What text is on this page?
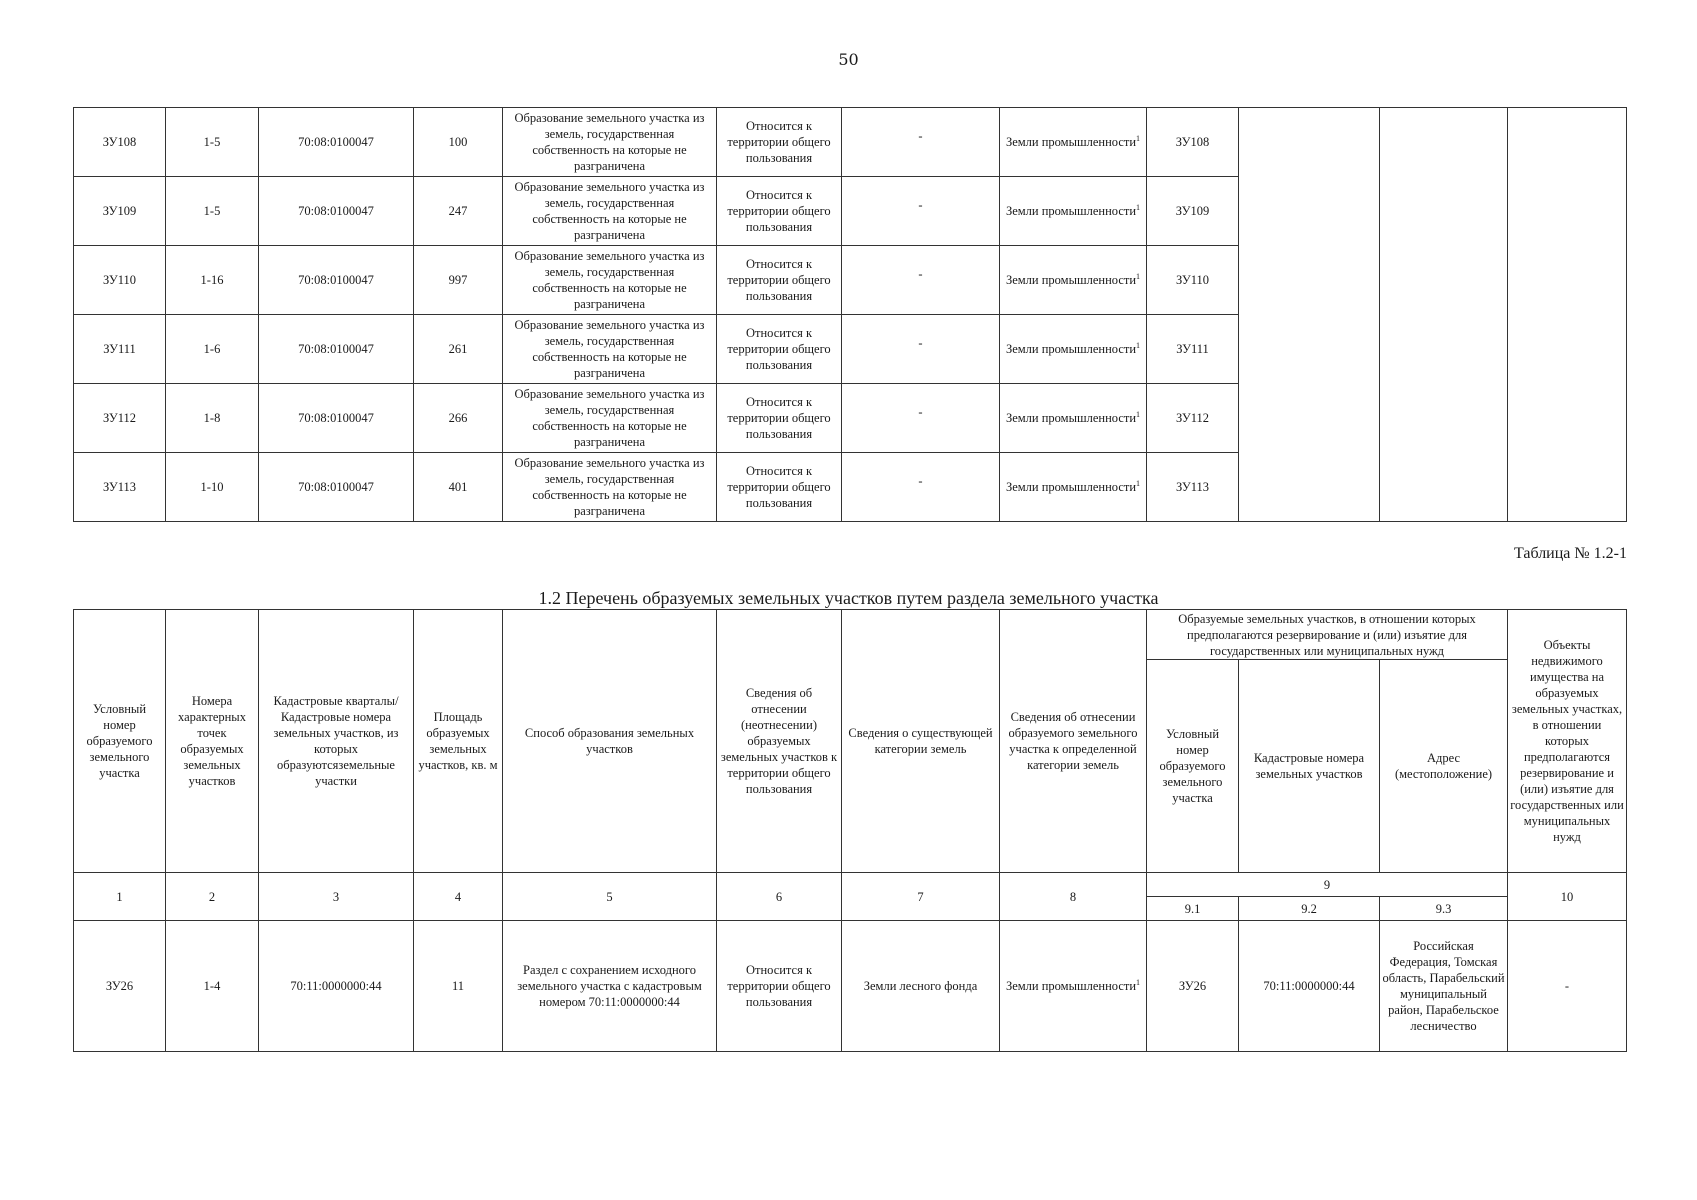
50
ЗУ108	1-5	70:08:0100047	100	Образование земельного участка из земель, государственная собственность на которые не разграничена	Относится к территории общего пользования	-	Земли промышленности$^1$	ЗУ108			
ЗУ109	1-5	70:08:0100047	247	Образование земельного участка из земель, государственная собственность на которые не разграничена	Относится к территории общего пользования	-	Земли промышленности$^1$	ЗУ109			
ЗУ110	1-16	70:08:0100047	997	Образование земельного участка из земель, государственная собственность на которые не разграничена	Относится к территории общего пользования	-	Земли промышленности$^1$	ЗУ110			
ЗУ111	1-6	70:08:0100047	261	Образование земельного участка из земель, государственная собственность на которые не разграничена	Относится к территории общего пользования	-	Земли промышленности$^1$	ЗУ111			
ЗУ112	1-8	70:08:0100047	266	Образование земельного участка из земель, государственная собственность на которые не разграничена	Относится к территории общего пользования	-	Земли промышленности$^1$	ЗУ112			
ЗУ113	1-10	70:08:0100047	401	Образование земельного участка из земель, государственная собственность на которые не разграничена	Относится к территории общего пользования	-	Земли промышленности$^1$	ЗУ113			
Таблица № 1.2-1
1.2 Перечень образуемых земельных участков путем раздела земельного участка
Условный номер образуемого земельного участка	Номера характерных точек образуемых земельных участков	Кадастровые кварталы/Кадастровые номера земельных участков, из которых образуютсяземельные участки	Площадь образуемых земельных участков, кв. м	Способ образования земельных участков	Сведения об отнесении (неотнесении) образуемых земельных участков к территории общего пользования	Сведения о существующей категории земель	Сведения об отнесении образуемого земельного участка к определенной категории земель	Образуемые земельных участков, в отношении которых предполагаются резервирование и (или) изъятие для государственных или муниципальных нужд			Объекты недвижимого имущества на образуемых земельных участках, в отношении которых предполагаются резервирование и (или) изъятие для государственных или муниципальных нужд
								Условный номер образуемого земельного участка	Кадастровые номера земельных участков	Адрес (местоположение)	
1	2	3	4	5	6	7	8	9			10
								9.1	9.2	9.3	
ЗУ26	1-4	70:11:0000000:44	11	Раздел с сохранением исходного земельного участка с кадастровым номером 70:11:0000000:44	Относится к территории общего пользования	Земли лесного фонда	Земли промышленности$^1$	ЗУ26	70:11:0000000:44	Российская Федерация, Томская область, Парабельский муниципальный район, Парабельское лесничество	-
